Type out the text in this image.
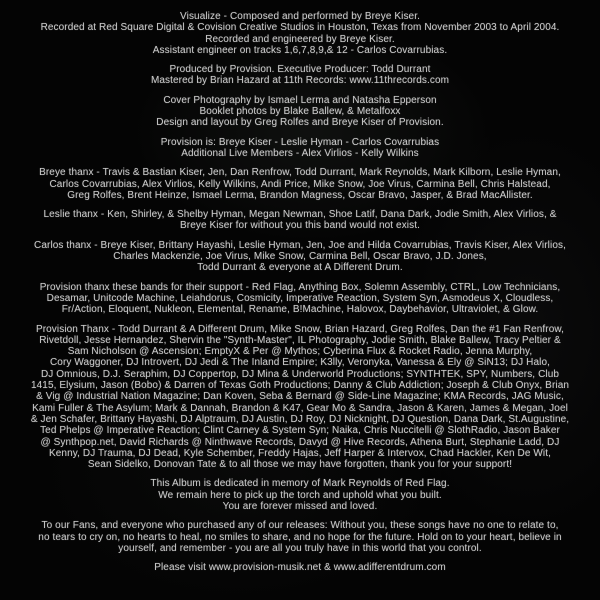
Visualize - Composed and performed by Breye Kiser.
Recorded at Red Square Digital & Covision Creative Studios in Houston, Texas from November 2003 to April 2004.
Recorded and engineered by Breye Kiser.
Assistant engineer on tracks 1,6,7,8,9,& 12 - Carlos Covarrubias.
Produced by Provision. Executive Producer: Todd Durrant
Mastered by Brian Hazard at 11th Records: www.11threcords.com
Cover Photography by Ismael Lerma and Natasha Epperson
Booklet photos by Blake Ballew, & Metalfoxx
Design and layout by Greg Rolfes and Breye Kiser of Provision.
Provision is: Breye Kiser - Leslie Hyman - Carlos Covarrubias
Additional Live Members - Alex Virlios - Kelly Wilkins
Breye thanx - Travis & Bastian Kiser, Jen, Dan Renfrow, Todd Durrant, Mark Reynolds, Mark Kilborn, Leslie Hyman,
Carlos Covarrubias, Alex Virlios, Kelly Wilkins, Andi Price, Mike Snow, Joe Virus, Carmina Bell, Chris Halstead,
Greg Rolfes, Brent Heinze, Ismael Lerma, Brandon Magness, Oscar Bravo, Jasper, & Brad MacAllister.
Leslie thanx - Ken, Shirley, & Shelby Hyman, Megan Newman, Shoe Latif, Dana Dark, Jodie Smith, Alex Virlios, &
Breye Kiser for without you this band would not exist.
Carlos thanx - Breye Kiser, Brittany Hayashi, Leslie Hyman, Jen, Joe and Hilda Covarrubias, Travis Kiser, Alex Virlios,
Charles Mackenzie, Joe Virus, Mike Snow, Carmina Bell, Oscar Bravo, J.D. Jones,
Todd Durrant & everyone at A Different Drum.
Provision thanx these bands for their support - Red Flag, Anything Box, Solemn Assembly, CTRL, Low Technicians,
Desamar, Unitcode Machine, Leiahdorus, Cosmicity, Imperative Reaction, System Syn, Asmodeus X, Cloudless,
Fr/Action, Eloquent, Nukleon, Elemental, Rename, B!Machine, Halovox, Daybehavior, Ultraviolet, & Glow.
Provision Thanx - Todd Durrant & A Different Drum, Mike Snow, Brian Hazard, Greg Rolfes, Dan the #1 Fan Renfrow,
Rivetdoll, Jesse Hernandez, Shervin the "Synth-Master", IL Photography, Jodie Smith, Blake Ballew, Tracy Peltier &
Sam Nicholson @ Ascension; EmptyX & Per @ Mythos; Cyberina Flux & Rocket Radio, Jenna Murphy,
Cory Waggoner, DJ Introvert, DJ Jedi & The Inland Empire; K3lly, Veronyka, Vanessa & Ely @ SiN13; DJ Halo,
DJ Omnious, D.J. Seraphim, DJ Coppertop, DJ Mina & Underworld Productions; SYNTHTEK, SPY, Numbers, Club
1415, Elysium, Jason (Bobo) & Darren of Texas Goth Productions; Danny & Club Addiction; Joseph & Club Onyx, Brian
& Vig @ Industrial Nation Magazine; Dan Koven, Seba & Bernard @ Side-Line Magazine; KMA Records, JAG Music,
Kami Fuller & The Asylum; Mark & Dannah, Brandon & K47, Gear Mo & Sandra, Jason & Karen, James & Megan, Joel
& Jen Schafer, Brittany Hayashi, DJ Alptraum, DJ Austin, DJ Roy, DJ Nicknight, DJ Question, Dana Dark, St.Augustine,
Ted Phelps @ Imperative Reaction; Clint Carney & System Syn; Naika, Chris Nuccitelli @ SlothRadio, Jason Baker
@ Synthpop.net, David Richards @ Ninthwave Records, Davyd @ Hive Records, Athena Burt, Stephanie Ladd, DJ
Kenny, DJ Trauma, DJ Dead, Kyle Schember, Freddy Hajas, Jeff Harper & Intervox, Chad Hackler, Ken De Wit,
Sean Sidelko, Donovan Tate & to all those we may have forgotten, thank you for your support!
This Album is dedicated in memory of Mark Reynolds of Red Flag.
We remain here to pick up the torch and uphold what you built.
You are forever missed and loved.
To our Fans, and everyone who purchased any of our releases: Without you, these songs have no one to relate to,
no tears to cry on, no hearts to heal, no smiles to share, and no hope for the future. Hold on to your heart, believe in
yourself, and remember - you are all you truly have in this world that you control.
Please visit www.provision-musik.net & www.adifferentdrum.com
